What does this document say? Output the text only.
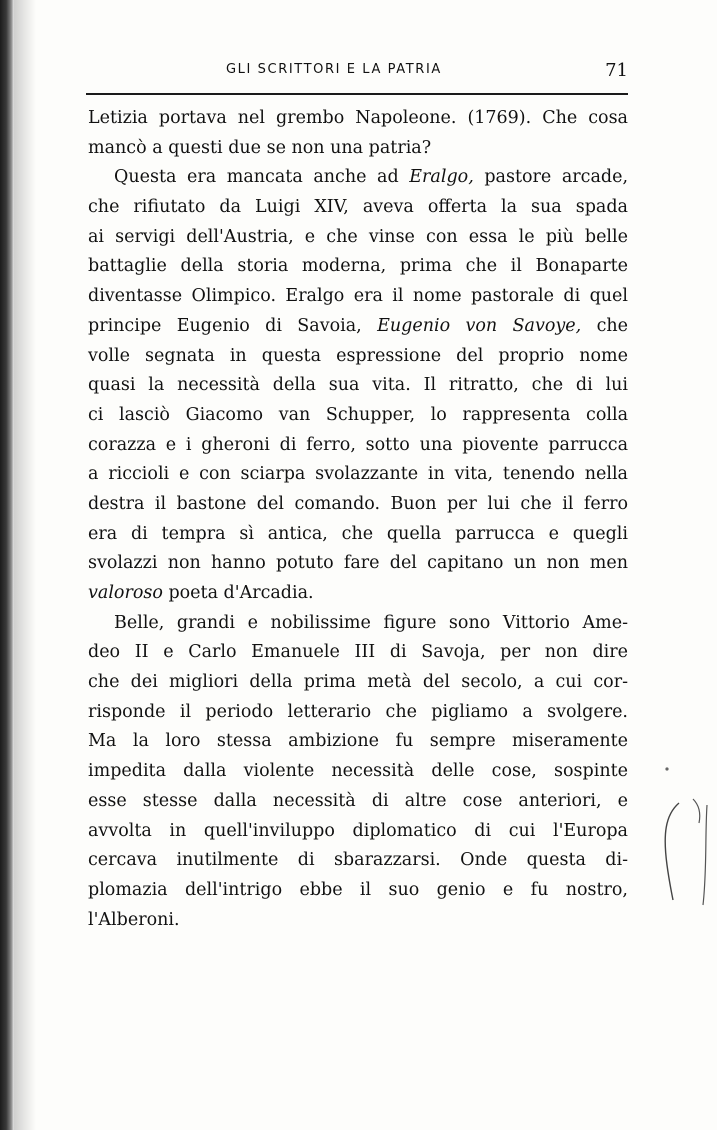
GLI SCRITTORI E LA PATRIA	71
Letizia portava nel grembo Napoleone. (1769). Che cosa
mancò a questi due se non una patria?
Questa era mancata anche ad Eralgo, pastore arcade,
che rifiutato da Luigi XIV, aveva offerta la sua spada
ai servigi dell'Austria, e che vinse con essa le più belle
battaglie della storia moderna, prima che il Bonaparte
diventasse Olimpico. Eralgo era il nome pastorale di quel
principe Eugenio di Savoia, Eugenio von Savoye, che
volle segnata in questa espressione del proprio nome
quasi la necessità della sua vita. Il ritratto, che di lui
ci lasciò Giacomo van Schupper, lo rappresenta colla
corazza e i gheroni di ferro, sotto una piovente parrucca
a riccioli e con sciarpa svolazzante in vita, tenendo nella
destra il bastone del comando. Buon per lui che il ferro
era di tempra sì antica, che quella parrucca e quegli
svolazzi non hanno potuto fare del capitano un non men
valoroso poeta d'Arcadia.
Belle, grandi e nobilissime figure sono Vittorio Ame-
deo II e Carlo Emanuele III di Savoja, per non dire
che dei migliori della prima metà del secolo, a cui cor-
risponde il periodo letterario che pigliamo a svolgere.
Ma la loro stessa ambizione fu sempre miseramente
impedita dalla violente necessità delle cose, sospinte
esse stesse dalla necessità di altre cose anteriori, e
avvolta in quell'inviluppo diplomatico di cui l'Europa
cercava inutilmente di sbarazzarsi. Onde questa di-
plomazia dell'intrigo ebbe il suo genio e fu nostro,
l'Alberoni.
